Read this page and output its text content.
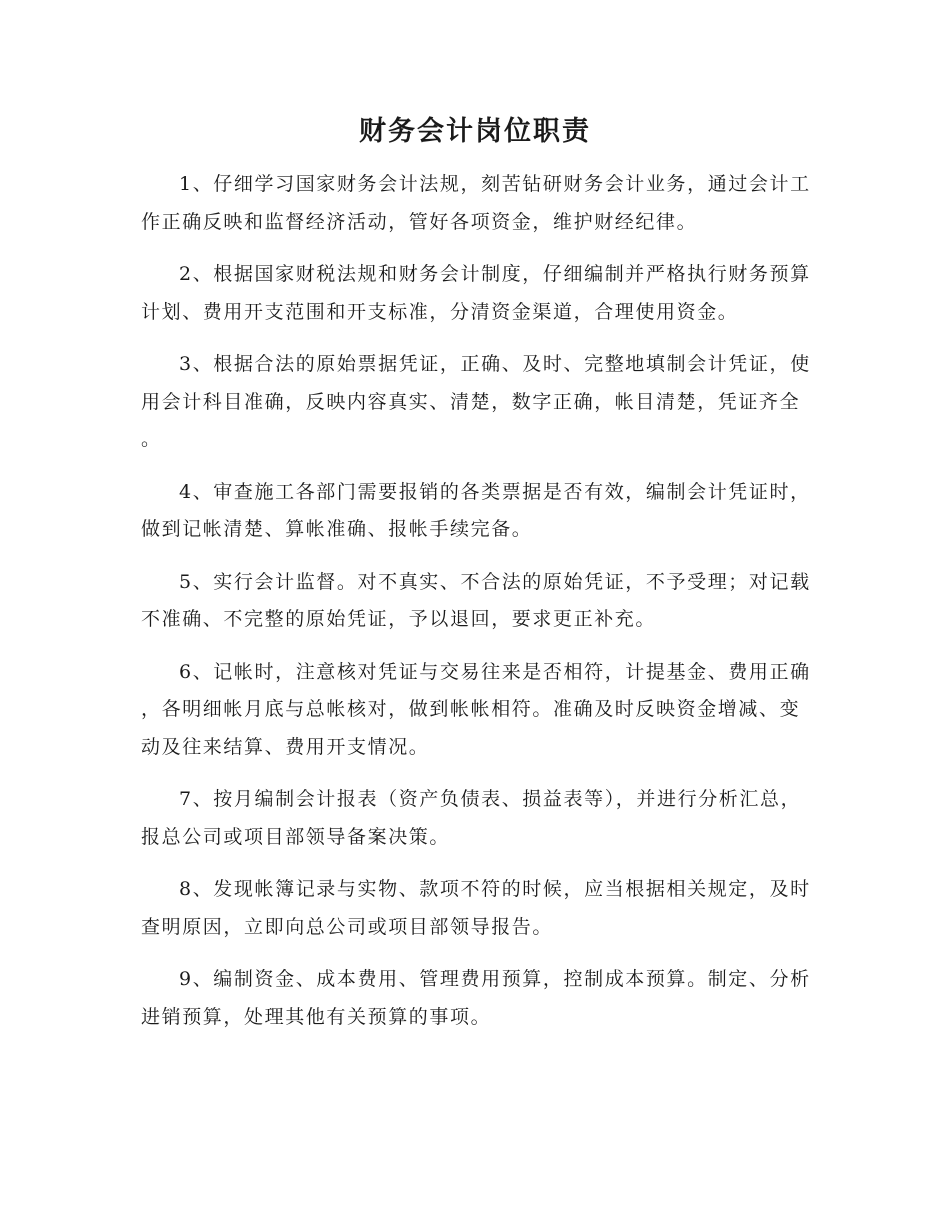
财务会计岗位职责

1、仔细学习国家财务会计法规，刻苦钻研财务会计业务，通过会计工作正确反映和监督经济活动，管好各项资金，维护财经纪律。

2、根据国家财税法规和财务会计制度，仔细编制并严格执行财务预算计划、费用开支范围和开支标准，分清资金渠道，合理使用资金。

3、根据合法的原始票据凭证，正确、及时、完整地填制会计凭证，使用会计科目准确，反映内容真实、清楚，数字正确，帐目清楚，凭证齐全。

4、审查施工各部门需要报销的各类票据是否有效，编制会计凭证时，做到记帐清楚、算帐准确、报帐手续完备。

5、实行会计监督。对不真实、不合法的原始凭证，不予受理；对记载不准确、不完整的原始凭证，予以退回，要求更正补充。

6、记帐时，注意核对凭证与交易往来是否相符，计提基金、费用正确，各明细帐月底与总帐核对，做到帐帐相符。准确及时反映资金增减、变动及往来结算、费用开支情况。

7、按月编制会计报表（资产负债表、损益表等），并进行分析汇总，报总公司或项目部领导备案决策。

8、发现帐簿记录与实物、款项不符的时候，应当根据相关规定，及时查明原因，立即向总公司或项目部领导报告。

9、编制资金、成本费用、管理费用预算，控制成本预算。制定、分析进销预算，处理其他有关预算的事项。
